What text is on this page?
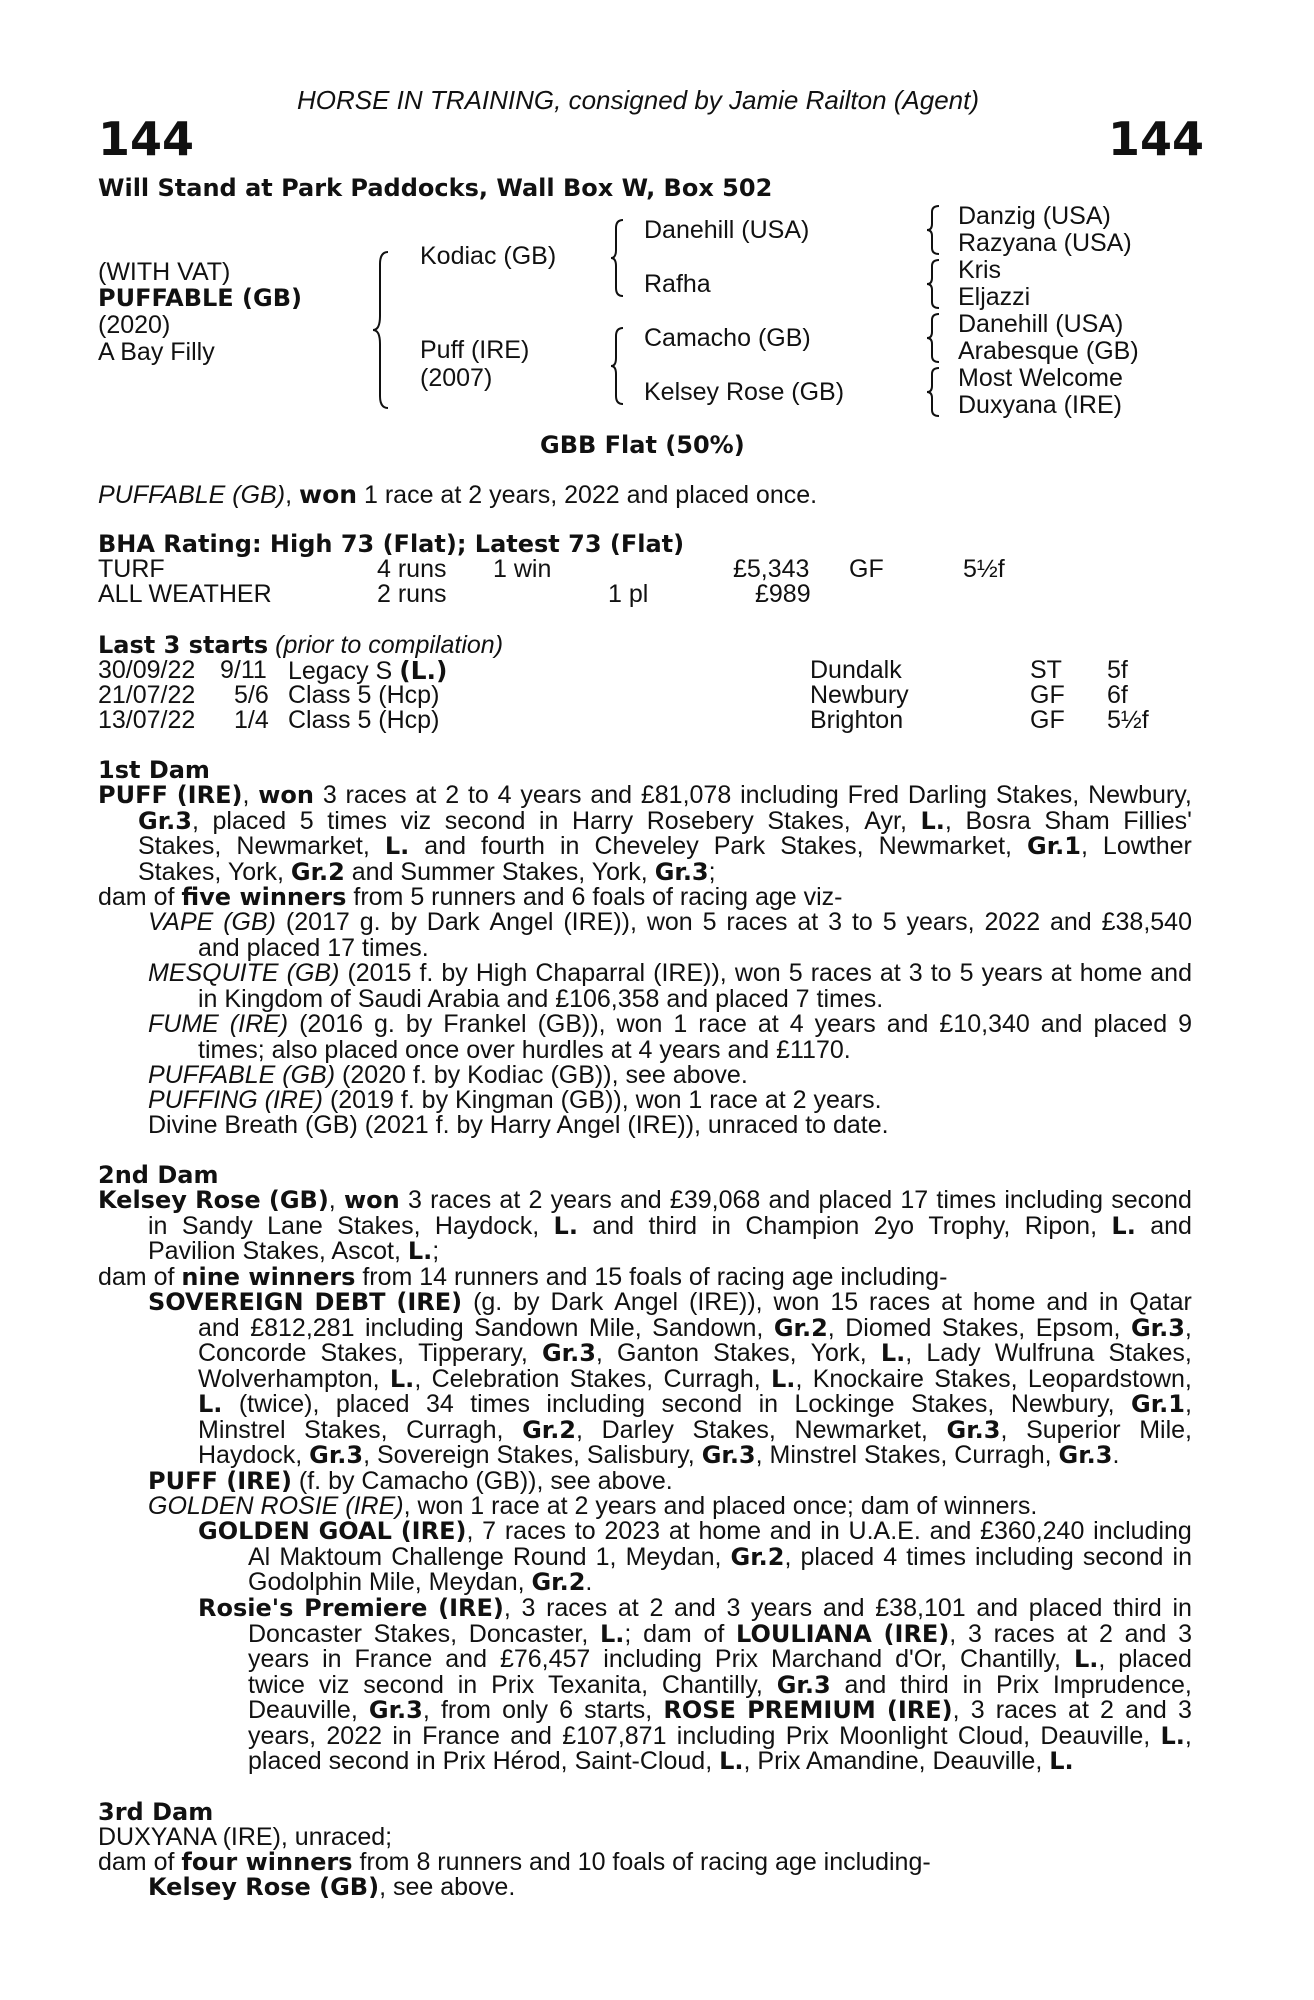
HORSE IN TRAINING, consigned by Jamie Railton (Agent)
144	144
Will Stand at Park Paddocks, Wall Box W, Box 502
(WITH VAT)
PUFFABLE (GB)
(2020)
A Bay Filly
Kodiac (GB)
Puff (IRE)
(2007)
Danehill (USA)
Rafha
Camacho (GB)
Kelsey Rose (GB)
Danzig (USA)
Razyana (USA)
Kris
Eljazzi
Danehill (USA)
Arabesque (GB)
Most Welcome
Duxyana (IRE)
GBB Flat (50%)
PUFFABLE (GB), won 1 race at 2 years, 2022 and placed once.
BHA Rating: High 73 (Flat); Latest 73 (Flat)
TURF	4 runs 1 win	£5,343 GF	5½f
ALL WEATHER	2 runs	1 pl	£989
Last 3 starts (prior to compilation)
30/09/22 9/11 Legacy S (L.)	Dundalk	ST 5f
21/07/22 5/6 Class 5 (Hcp)	Newbury	GF 6f
13/07/22 1/4 Class 5 (Hcp)	Brighton	GF 5½f
1st Dam
PUFF (IRE), won 3 races at 2 to 4 years and £81,078 including Fred Darling Stakes, Newbury,
Gr.3, placed 5 times viz second in Harry Rosebery Stakes, Ayr, L., Bosra Sham Fillies'
Stakes, Newmarket, L. and fourth in Cheveley Park Stakes, Newmarket, Gr.1, Lowther
Stakes, York, Gr.2 and Summer Stakes, York, Gr.3;
dam of five winners from 5 runners and 6 foals of racing age viz-
VAPE (GB) (2017 g. by Dark Angel (IRE)), won 5 races at 3 to 5 years, 2022 and £38,540
and placed 17 times.
MESQUITE (GB) (2015 f. by High Chaparral (IRE)), won 5 races at 3 to 5 years at home and
in Kingdom of Saudi Arabia and £106,358 and placed 7 times.
FUME (IRE) (2016 g. by Frankel (GB)), won 1 race at 4 years and £10,340 and placed 9
times; also placed once over hurdles at 4 years and £1170.
PUFFABLE (GB) (2020 f. by Kodiac (GB)), see above.
PUFFING (IRE) (2019 f. by Kingman (GB)), won 1 race at 2 years.
Divine Breath (GB) (2021 f. by Harry Angel (IRE)), unraced to date.
2nd Dam
Kelsey Rose (GB), won 3 races at 2 years and £39,068 and placed 17 times including second
in Sandy Lane Stakes, Haydock, L. and third in Champion 2yo Trophy, Ripon, L. and
Pavilion Stakes, Ascot, L.;
dam of nine winners from 14 runners and 15 foals of racing age including-
SOVEREIGN DEBT (IRE) (g. by Dark Angel (IRE)), won 15 races at home and in Qatar
and £812,281 including Sandown Mile, Sandown, Gr.2, Diomed Stakes, Epsom, Gr.3,
Concorde Stakes, Tipperary, Gr.3, Ganton Stakes, York, L., Lady Wulfruna Stakes,
Wolverhampton, L., Celebration Stakes, Curragh, L., Knockaire Stakes, Leopardstown,
L. (twice), placed 34 times including second in Lockinge Stakes, Newbury, Gr.1,
Minstrel Stakes, Curragh, Gr.2, Darley Stakes, Newmarket, Gr.3, Superior Mile,
Haydock, Gr.3, Sovereign Stakes, Salisbury, Gr.3, Minstrel Stakes, Curragh, Gr.3.
PUFF (IRE) (f. by Camacho (GB)), see above.
GOLDEN ROSIE (IRE), won 1 race at 2 years and placed once; dam of winners.
GOLDEN GOAL (IRE), 7 races to 2023 at home and in U.A.E. and £360,240 including
Al Maktoum Challenge Round 1, Meydan, Gr.2, placed 4 times including second in
Godolphin Mile, Meydan, Gr.2.
Rosie's Premiere (IRE), 3 races at 2 and 3 years and £38,101 and placed third in
Doncaster Stakes, Doncaster, L.; dam of LOULIANA (IRE), 3 races at 2 and 3
years in France and £76,457 including Prix Marchand d'Or, Chantilly, L., placed
twice viz second in Prix Texanita, Chantilly, Gr.3 and third in Prix Imprudence,
Deauville, Gr.3, from only 6 starts, ROSE PREMIUM (IRE), 3 races at 2 and 3
years, 2022 in France and £107,871 including Prix Moonlight Cloud, Deauville, L.,
placed second in Prix Hérod, Saint-Cloud, L., Prix Amandine, Deauville, L.
3rd Dam
DUXYANA (IRE), unraced;
dam of four winners from 8 runners and 10 foals of racing age including-
Kelsey Rose (GB), see above.
